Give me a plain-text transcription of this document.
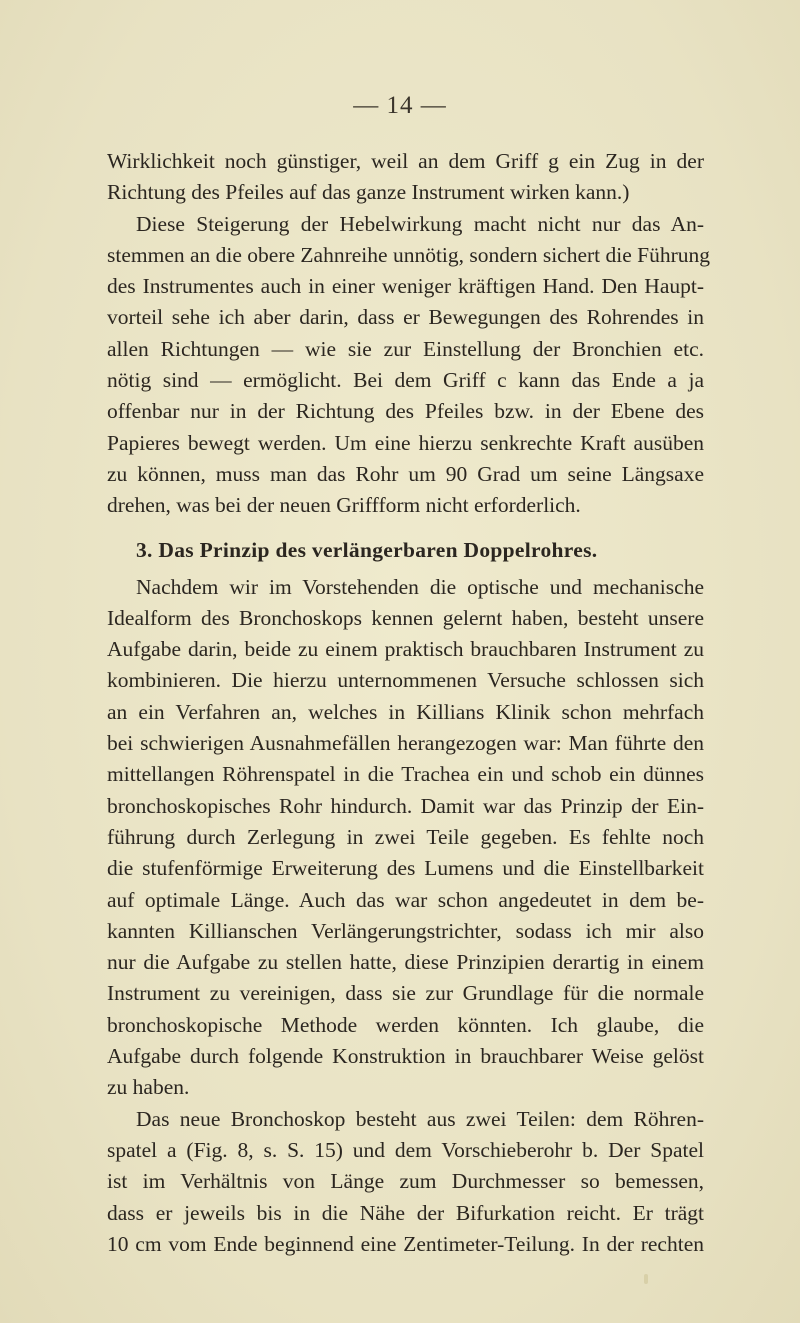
— 14 —
Wirklichkeit noch günstiger, weil an dem Griff g ein Zug in der
Richtung des Pfeiles auf das ganze Instrument wirken kann.)
Diese Steigerung der Hebelwirkung macht nicht nur das An-
stemmen an die obere Zahnreihe unnötig, sondern sichert die Führung
des Instrumentes auch in einer weniger kräftigen Hand. Den Haupt-
vorteil sehe ich aber darin, dass er Bewegungen des Rohrendes in
allen Richtungen — wie sie zur Einstellung der Bronchien etc.
nötig sind — ermöglicht. Bei dem Griff c kann das Ende a ja
offenbar nur in der Richtung des Pfeiles bzw. in der Ebene des
Papieres bewegt werden. Um eine hierzu senkrechte Kraft ausüben
zu können, muss man das Rohr um 90 Grad um seine Längsaxe
drehen, was bei der neuen Griffform nicht erforderlich.
3. Das Prinzip des verlängerbaren Doppelrohres.
Nachdem wir im Vorstehenden die optische und mechanische
Idealform des Bronchoskops kennen gelernt haben, besteht unsere
Aufgabe darin, beide zu einem praktisch brauchbaren Instrument zu
kombinieren. Die hierzu unternommenen Versuche schlossen sich
an ein Verfahren an, welches in Killians Klinik schon mehrfach
bei schwierigen Ausnahmefällen herangezogen war: Man führte den
mittellangen Röhrenspatel in die Trachea ein und schob ein dünnes
bronchoskopisches Rohr hindurch. Damit war das Prinzip der Ein-
führung durch Zerlegung in zwei Teile gegeben. Es fehlte noch
die stufenförmige Erweiterung des Lumens und die Einstellbarkeit
auf optimale Länge. Auch das war schon angedeutet in dem be-
kannten Killianschen Verlängerungstrichter, sodass ich mir also
nur die Aufgabe zu stellen hatte, diese Prinzipien derartig in einem
Instrument zu vereinigen, dass sie zur Grundlage für die normale
bronchoskopische Methode werden könnten. Ich glaube, die
Aufgabe durch folgende Konstruktion in brauchbarer Weise gelöst
zu haben.
Das neue Bronchoskop besteht aus zwei Teilen: dem Röhren-
spatel a (Fig. 8, s. S. 15) und dem Vorschieberohr b. Der Spatel
ist im Verhältnis von Länge zum Durchmesser so bemessen,
dass er jeweils bis in die Nähe der Bifurkation reicht. Er trägt
10 cm vom Ende beginnend eine Zentimeter-Teilung. In der rechten
